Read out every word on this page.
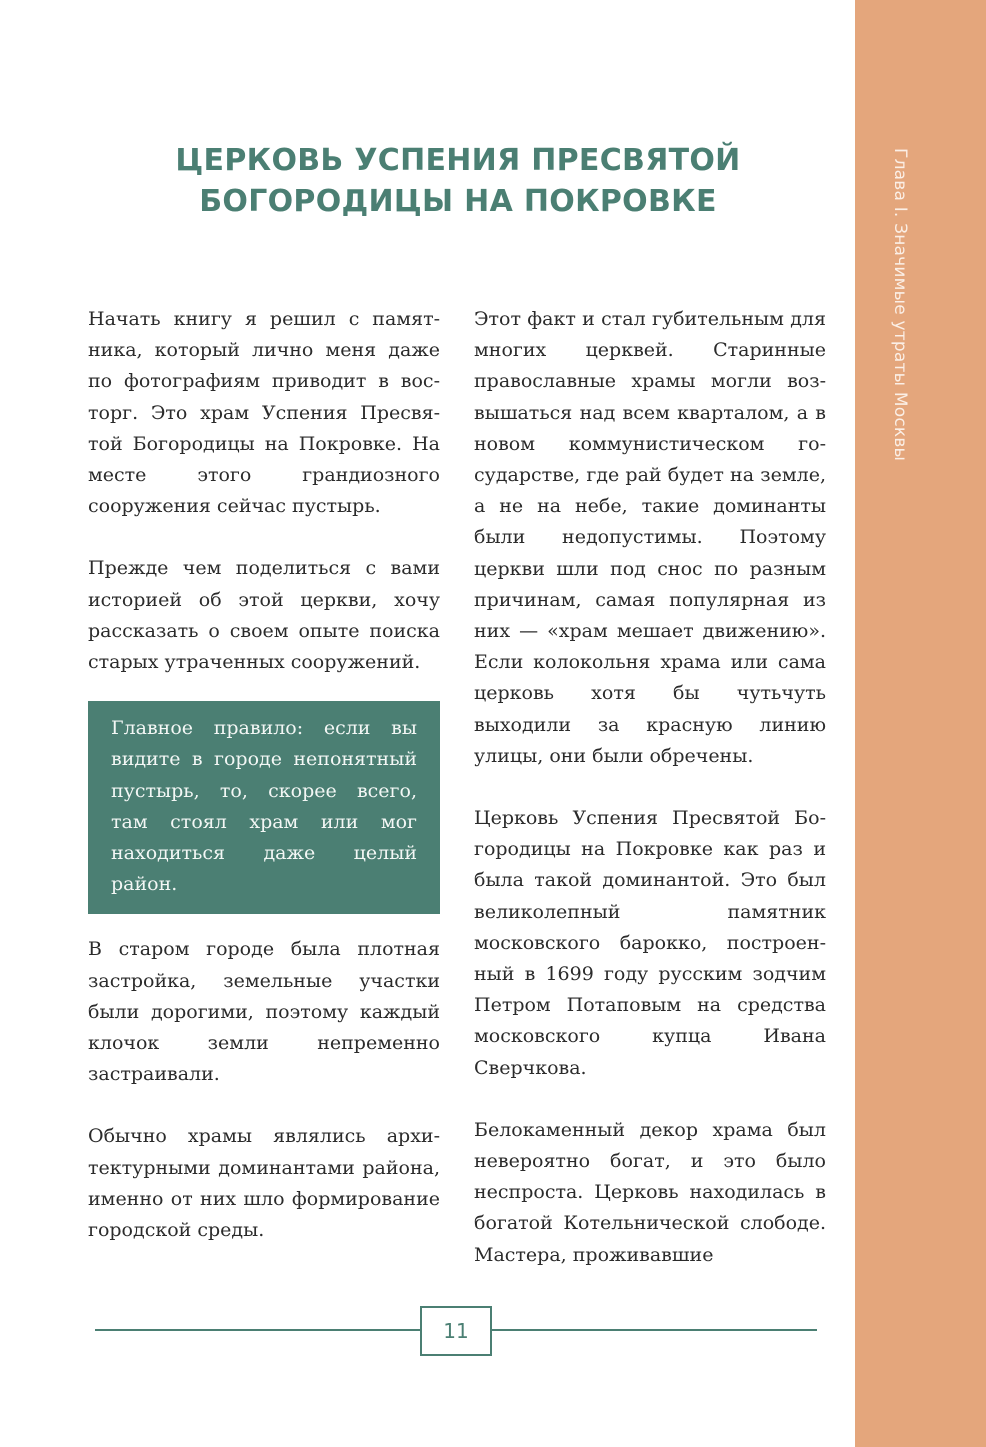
Глава I. Значимые утраты Москвы
ЦЕРКОВЬ УСПЕНИЯ ПРЕСВЯТОЙ
БОГОРОДИЦЫ НА ПОКРОВКЕ

Начать книгу я решил с памятника, который лично меня даже по фотографиям приводит в восторг. Это храм Успения Пресвятой Богородицы на Покровке. На месте этого грандиозного сооружения сейчас пустырь.

Прежде чем поделиться с вами историей об этой церкви, хочу рассказать о своем опыте поиска старых утраченных сооружений.

Главное правило: если вы видите в городе непонятный пустырь, то, скорее всего, там стоял храм или мог находиться даже целый район.

В старом городе была плотная застройка, земельные участки были дорогими, поэтому каждый клочок земли непременно застраивали.

Обычно храмы являлись архитектурными доминантами района, именно от них шло формирование городской среды.

Этот факт и стал губительным для многих церквей. Старинные православные храмы могли возвышаться над всем кварталом, а в новом коммунистическом государстве, где рай будет на земле, а не на небе, такие доминанты были недопустимы. Поэтому церкви шли под снос по разным причинам, самая популярная из них — «храм мешает движению». Если колокольня храма или сама церковь хотя бы чутьчуть выходили за красную линию улицы, они были обречены.

Церковь Успения Пресвятой Богородицы на Покровке как раз и была такой доминантой. Это был великолепный памятник московского барокко, построенный в 1699 году русским зодчим Петром Потаповым на средства московского купца Ивана Сверчкова.

Белокаменный декор храма был невероятно богат, и это было неспроста. Церковь находилась в богатой Котельнической слободе. Мастера, проживавшие

11
